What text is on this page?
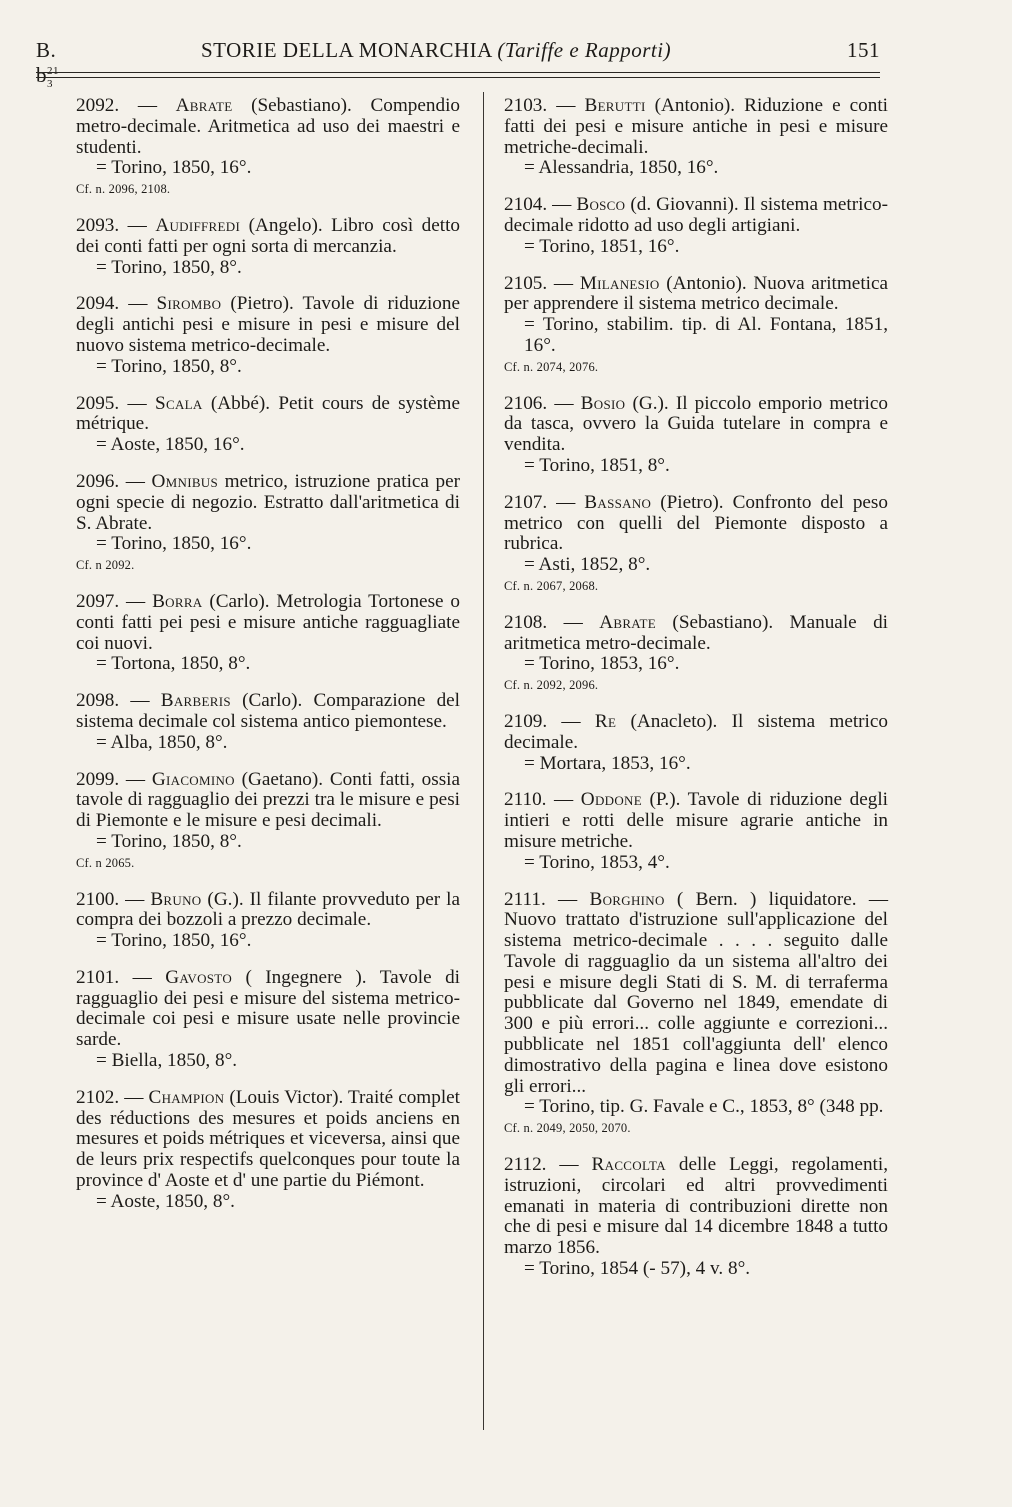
B. $b^{21}_3$
STORIE DELLA MONARCHIA (Tariffe e Rapporti)	151

2092. — Abrate (Sebastiano). Compendio metro-decimale. Aritmetica ad uso dei maestri e studenti.

= Torino, 1850, 16°.

Cf. n. 2096, 2108.

2093. — Audiffredi (Angelo). Libro così detto dei conti fatti per ogni sorta di mercanzia.

= Torino, 1850, 8°.

2094. — Sirombo (Pietro). Tavole di riduzione degli antichi pesi e misure in pesi e misure del nuovo sistema metrico-decimale.

= Torino, 1850, 8°.

2095. — Scala (Abbé). Petit cours de système métrique.

= Aoste, 1850, 16°.

2096. — Omnibus metrico, istruzione pratica per ogni specie di negozio. Estratto dall'aritmetica di S. Abrate.

= Torino, 1850, 16°.

Cf. n 2092.

2097. — Borra (Carlo). Metrologia Tortonese o conti fatti pei pesi e misure antiche ragguagliate coi nuovi.

= Tortona, 1850, 8°.

2098. — Barberis (Carlo). Comparazione del sistema decimale col sistema antico piemontese.

= Alba, 1850, 8°.

2099. — Giacomino (Gaetano). Conti fatti, ossia tavole di ragguaglio dei prezzi tra le misure e pesi di Piemonte e le misure e pesi decimali.

= Torino, 1850, 8°.

Cf. n 2065.

2100. — Bruno (G.). Il filante provveduto per la compra dei bozzoli a prezzo decimale.

= Torino, 1850, 16°.

2101. — Gavosto ( Ingegnere ). Tavole di ragguaglio dei pesi e misure del sistema metrico-decimale coi pesi e misure usate nelle provincie sarde.

= Biella, 1850, 8°.

2102. — Champion (Louis Victor). Traité complet des réductions des mesures et poids anciens en mesures et poids métriques et viceversa, ainsi que de leurs prix respectifs quelconques pour toute la province d' Aoste et d' une partie du Piémont.

= Aoste, 1850, 8°.

2103. — Berutti (Antonio). Riduzione e conti fatti dei pesi e misure antiche in pesi e misure metriche-decimali.

= Alessandria, 1850, 16°.

2104. — Bosco (d. Giovanni). Il sistema metrico-decimale ridotto ad uso degli artigiani.

= Torino, 1851, 16°.

2105. — Milanesio (Antonio). Nuova aritmetica per apprendere il sistema metrico decimale.

= Torino, stabilim. tip. di Al. Fontana, 1851, 16°.

Cf. n. 2074, 2076.

2106. — Bosio (G.). Il piccolo emporio metrico da tasca, ovvero la Guida tutelare in compra e vendita.

= Torino, 1851, 8°.

2107. — Bassano (Pietro). Confronto del peso metrico con quelli del Piemonte disposto a rubrica.

= Asti, 1852, 8°.

Cf. n. 2067, 2068.

2108. — Abrate (Sebastiano). Manuale di aritmetica metro-decimale.

= Torino, 1853, 16°.

Cf. n. 2092, 2096.

2109. — Re (Anacleto). Il sistema metrico decimale.

= Mortara, 1853, 16°.

2110. — Oddone (P.). Tavole di riduzione degli intieri e rotti delle misure agrarie antiche in misure metriche.

= Torino, 1853, 4°.

2111. — Borghino ( Bern. ) liquidatore. — Nuovo trattato d'istruzione sull'applicazione del sistema metrico-decimale . . . . seguito dalle Tavole di ragguaglio da un sistema all'altro dei pesi e misure degli Stati di S. M. di terraferma pubblicate dal Governo nel 1849, emendate di 300 e più errori... colle aggiunte e correzioni... pubblicate nel 1851 coll'aggiunta dell' elenco dimostrativo della pagina e linea dove esistono gli errori...

= Torino, tip. G. Favale e C., 1853, 8° (348 pp.

Cf. n. 2049, 2050, 2070.

2112. — Raccolta delle Leggi, regolamenti, istruzioni, circolari ed altri provvedimenti emanati in materia di contribuzioni dirette non che di pesi e misure dal 14 dicembre 1848 a tutto marzo 1856.

= Torino, 1854 (- 57), 4 v. 8°.
